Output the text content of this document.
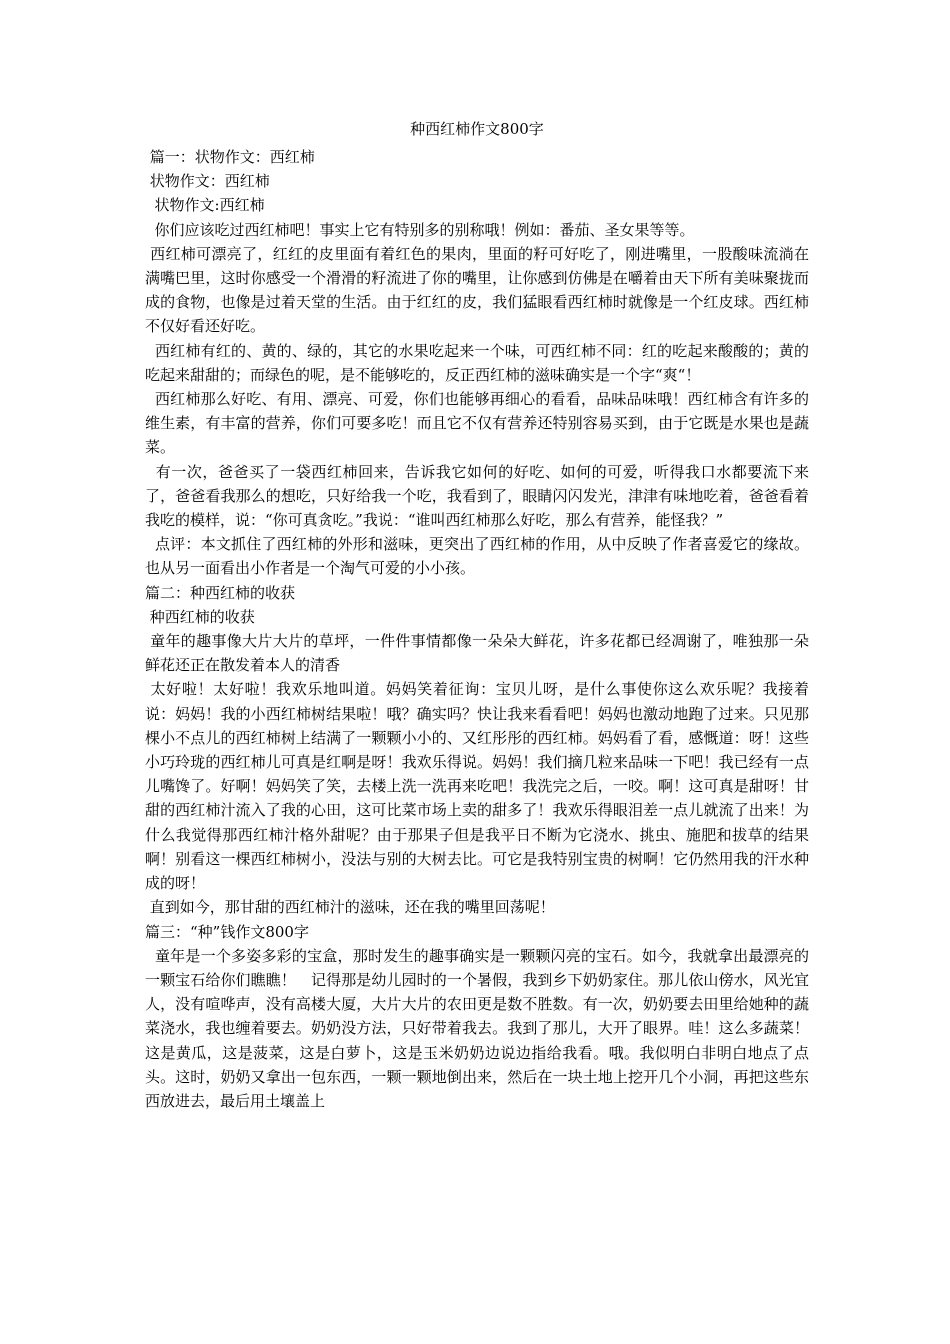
种西红柿作文800字
篇一：状物作文：西红柿
状物作文：西红柿
状物作文:西红柿
你们应该吃过西红柿吧！事实上它有特别多的别称哦！例如：番茄、圣女果等等。
西红柿可漂亮了，红红的皮里面有着红色的果肉，里面的籽可好吃了，刚进嘴里，一股酸味流淌在满嘴巴里，这时你感受一个滑滑的籽流进了你的嘴里，让你感到仿佛是在嚼着由天下所有美味聚拢而成的食物，也像是过着天堂的生活。由于红红的皮，我们猛眼看西红柿时就像是一个红皮球。西红柿不仅好看还好吃。
西红柿有红的、黄的、绿的，其它的水果吃起来一个味，可西红柿不同：红的吃起来酸酸的；黄的吃起来甜甜的；而绿色的呢，是不能够吃的，反正西红柿的滋味确实是一个字“爽“！
西红柿那么好吃、有用、漂亮、可爱，你们也能够再细心的看看，品味品味哦！西红柿含有许多的维生素，有丰富的营养，你们可要多吃！而且它不仅有营养还特别容易买到，由于它既是水果也是蔬菜。
有一次，爸爸买了一袋西红柿回来，告诉我它如何的好吃、如何的可爱，听得我口水都要流下来了，爸爸看我那么的想吃，只好给我一个吃，我看到了，眼睛闪闪发光，津津有味地吃着，爸爸看着我吃的模样，说：“你可真贪吃。”我说：“谁叫西红柿那么好吃，那么有营养，能怪我？”
点评：本文抓住了西红柿的外形和滋味，更突出了西红柿的作用，从中反映了作者喜爱它的缘故。也从另一面看出小作者是一个淘气可爱的小小孩。
篇二：种西红柿的收获
种西红柿的收获
童年的趣事像大片大片的草坪，一件件事情都像一朵朵大鲜花，许多花都已经凋谢了，唯独那一朵鲜花还正在散发着本人的清香
太好啦！太好啦！我欢乐地叫道。妈妈笑着征询：宝贝儿呀，是什么事使你这么欢乐呢？我接着说：妈妈！我的小西红柿树结果啦！哦？确实吗？快让我来看看吧！妈妈也激动地跑了过来。只见那棵小不点儿的西红柿树上结满了一颗颗小小的、又红彤彤的西红柿。妈妈看了看，感慨道：呀！这些小巧玲珑的西红柿儿可真是红啊是呀！我欢乐得说。妈妈！我们摘几粒来品味一下吧！我已经有一点儿嘴馋了。好啊！妈妈笑了笑，去楼上洗一洗再来吃吧！我洗完之后，一咬。啊！这可真是甜呀！甘甜的西红柿汁流入了我的心田，这可比菜市场上卖的甜多了！我欢乐得眼泪差一点儿就流了出来！为什么我觉得那西红柿汁格外甜呢？由于那果子但是我平日不断为它浇水、挑虫、施肥和拔草的结果啊！别看这一棵西红柿树小，没法与别的大树去比。可它是我特别宝贵的树啊！它仍然用我的汗水种成的呀！
直到如今，那甘甜的西红柿汁的滋味，还在我的嘴里回荡呢！
篇三：“种”钱作文800字
童年是一个多姿多彩的宝盒，那时发生的趣事确实是一颗颗闪亮的宝石。如今，我就拿出最漂亮的一颗宝石给你们瞧瞧！　记得那是幼儿园时的一个暑假，我到乡下奶奶家住。那儿依山傍水，风光宜人，没有喧哗声，没有高楼大厦，大片大片的农田更是数不胜数。有一次，奶奶要去田里给她种的蔬菜浇水，我也缠着要去。奶奶没方法，只好带着我去。我到了那儿，大开了眼界。哇！这么多蔬菜！这是黄瓜，这是菠菜，这是白萝卜，这是玉米奶奶边说边指给我看。哦。我似明白非明白地点了点头。这时，奶奶又拿出一包东西，一颗一颗地倒出来，然后在一块土地上挖开几个小洞，再把这些东西放进去，最后用土壤盖上
